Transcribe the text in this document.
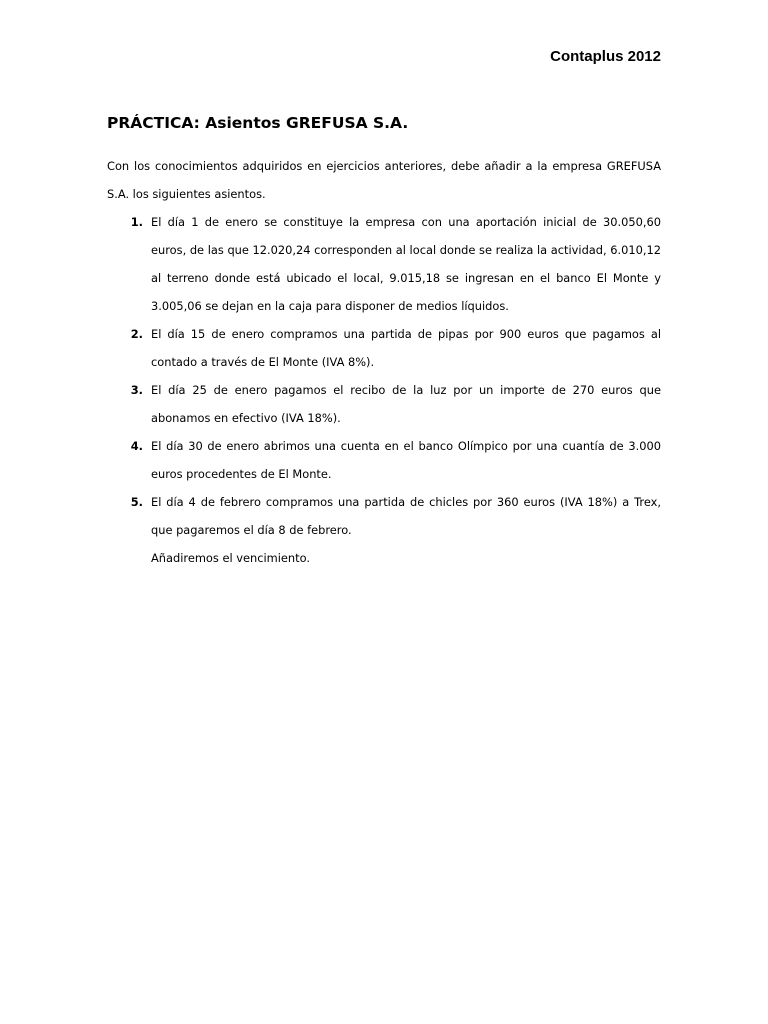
Contaplus 2012

PRÁCTICA: Asientos GREFUSA S.A.

Con los conocimientos adquiridos en ejercicios anteriores, debe añadir a la empresa GREFUSA S.A. los siguientes asientos.

1. El día 1 de enero se constituye la empresa con una aportación inicial de 30.050,60 euros, de las que 12.020,24 corresponden al local donde se realiza la actividad, 6.010,12 al terreno donde está ubicado el local, 9.015,18 se ingresan en el banco El Monte y 3.005,06 se dejan en la caja para disponer de medios líquidos.

2. El día 15 de enero compramos una partida de pipas por 900 euros que pagamos al contado a través de El Monte (IVA 8%).

3. El día 25 de enero pagamos el recibo de la luz por un importe de 270 euros que abonamos en efectivo (IVA 18%).

4. El día 30 de enero abrimos una cuenta en el banco Olímpico por una cuantía de 3.000 euros procedentes de El Monte.

5. El día 4 de febrero compramos una partida de chicles por 360 euros (IVA 18%) a Trex, que pagaremos el día 8 de febrero.

Añadiremos el vencimiento.
